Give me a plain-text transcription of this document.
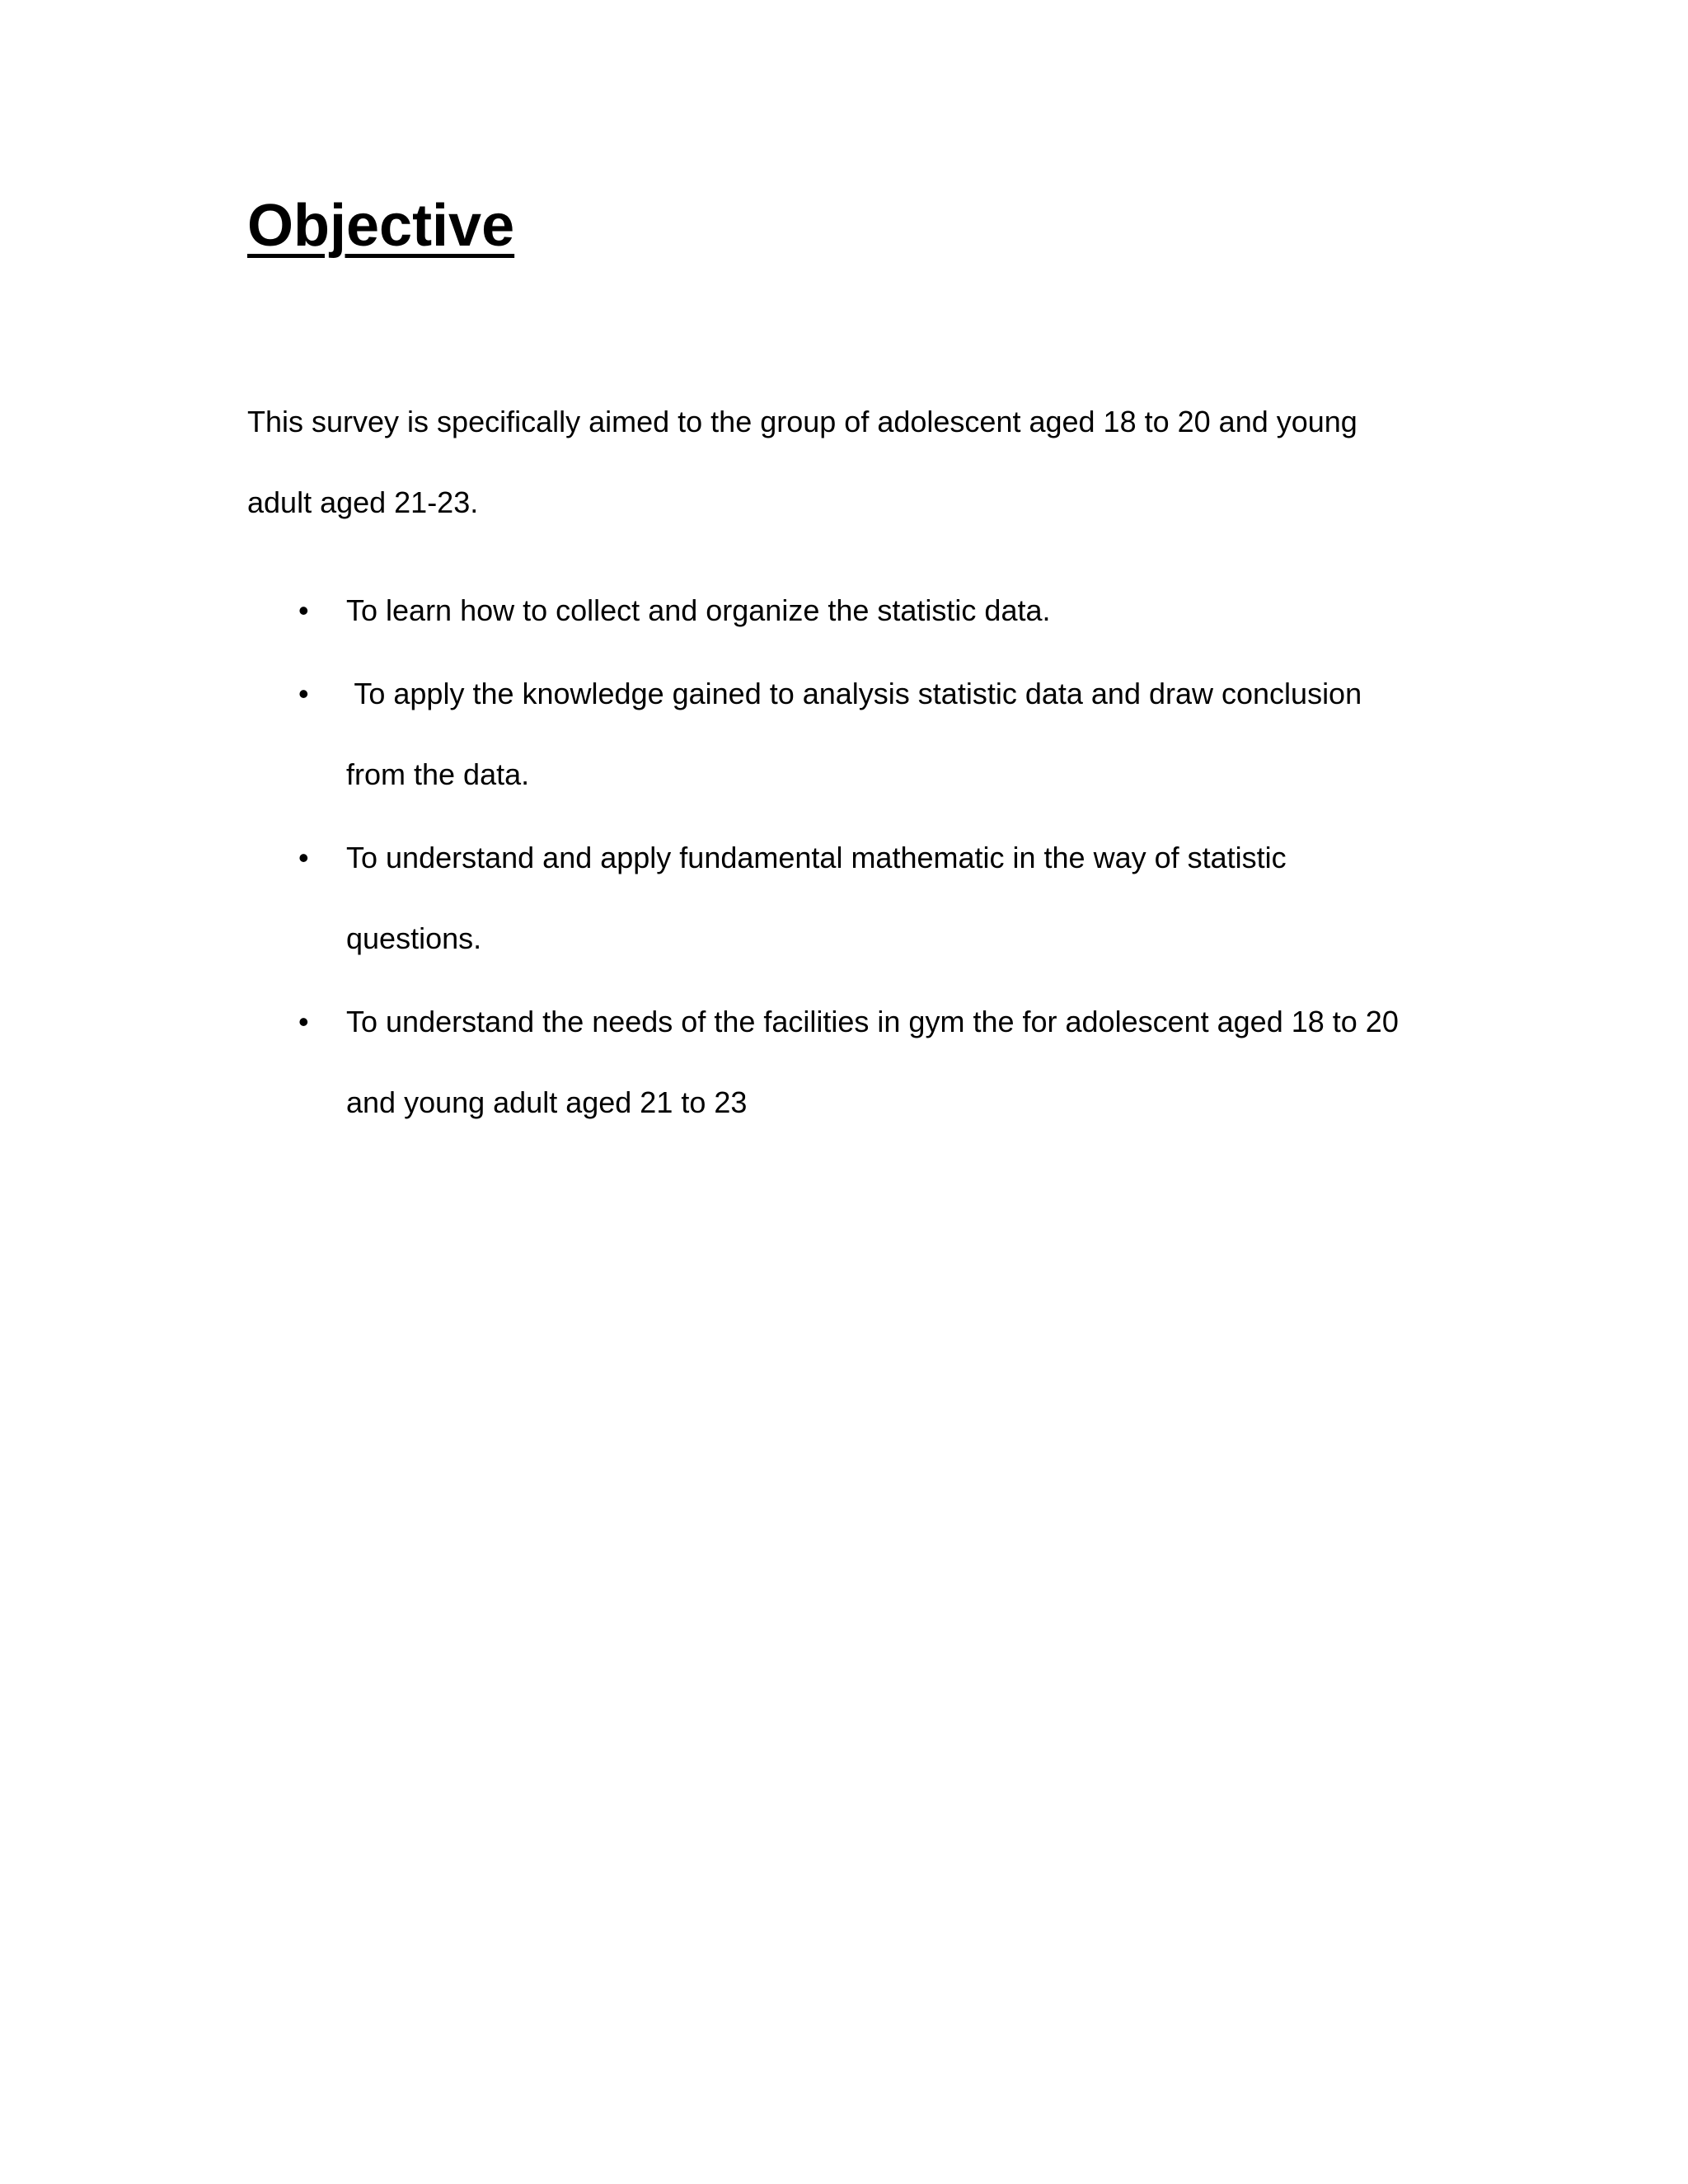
Objective

This survey is specifically aimed to the group of adolescent aged 18 to 20 and young
adult aged 21-23.

• To learn how to collect and organize the statistic data.
• To apply the knowledge gained to analysis statistic data and draw conclusion
from the data.
• To understand and apply fundamental mathematic in the way of statistic
questions.
• To understand the needs of the facilities in gym the for adolescent aged 18 to 20
and young adult aged 21 to 23
